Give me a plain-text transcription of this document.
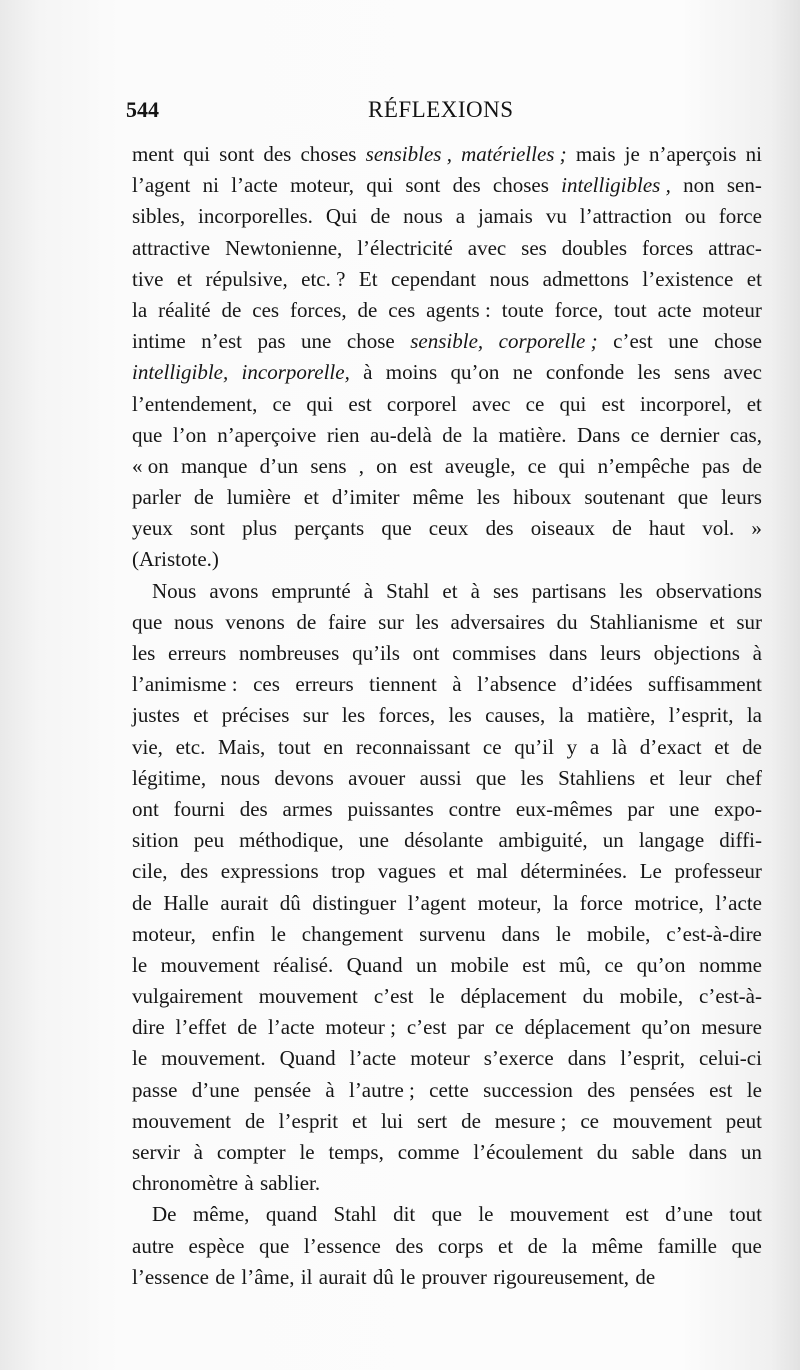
544	RÉFLEXIONS
ment qui sont des choses sensibles , matérielles ; mais je n’aperçois ni
l’agent ni l’acte moteur, qui sont des choses intelligibles , non sen-
sibles, incorporelles. Qui de nous a jamais vu l’attraction ou force
attractive Newtonienne, l’électricité avec ses doubles forces attrac-
tive et répulsive, etc. ? Et cependant nous admettons l’existence et
la réalité de ces forces, de ces agents : toute force, tout acte moteur
intime n’est pas une chose sensible, corporelle ; c’est une chose
intelligible, incorporelle, à moins qu’on ne confonde les sens avec
l’entendement, ce qui est corporel avec ce qui est incorporel, et
que l’on n’aperçoive rien au-delà de la matière. Dans ce dernier cas,
« on manque d’un sens , on est aveugle, ce qui n’empêche pas de
parler de lumière et d’imiter même les hiboux soutenant que leurs
yeux sont plus perçants que ceux des oiseaux de haut vol. »
(Aristote.)
Nous avons emprunté à Stahl et à ses partisans les observations
que nous venons de faire sur les adversaires du Stahlianisme et sur
les erreurs nombreuses qu’ils ont commises dans leurs objections à
l’animisme : ces erreurs tiennent à l’absence d’idées suffisamment
justes et précises sur les forces, les causes, la matière, l’esprit, la
vie, etc. Mais, tout en reconnaissant ce qu’il y a là d’exact et de
légitime, nous devons avouer aussi que les Stahliens et leur chef
ont fourni des armes puissantes contre eux-mêmes par une expo-
sition peu méthodique, une désolante ambiguité, un langage diffi-
cile, des expressions trop vagues et mal déterminées. Le professeur
de Halle aurait dû distinguer l’agent moteur, la force motrice, l’acte
moteur, enfin le changement survenu dans le mobile, c’est-à-dire
le mouvement réalisé. Quand un mobile est mû, ce qu’on nomme
vulgairement mouvement c’est le déplacement du mobile, c’est-à-
dire l’effet de l’acte moteur ; c’est par ce déplacement qu’on mesure
le mouvement. Quand l’acte moteur s’exerce dans l’esprit, celui-ci
passe d’une pensée à l’autre ; cette succession des pensées est le
mouvement de l’esprit et lui sert de mesure ; ce mouvement peut
servir à compter le temps, comme l’écoulement du sable dans un
chronomètre à sablier.
De même, quand Stahl dit que le mouvement est d’une tout
autre espèce que l’essence des corps et de la même famille que
l’essence de l’âme, il aurait dû le prouver rigoureusement, de
